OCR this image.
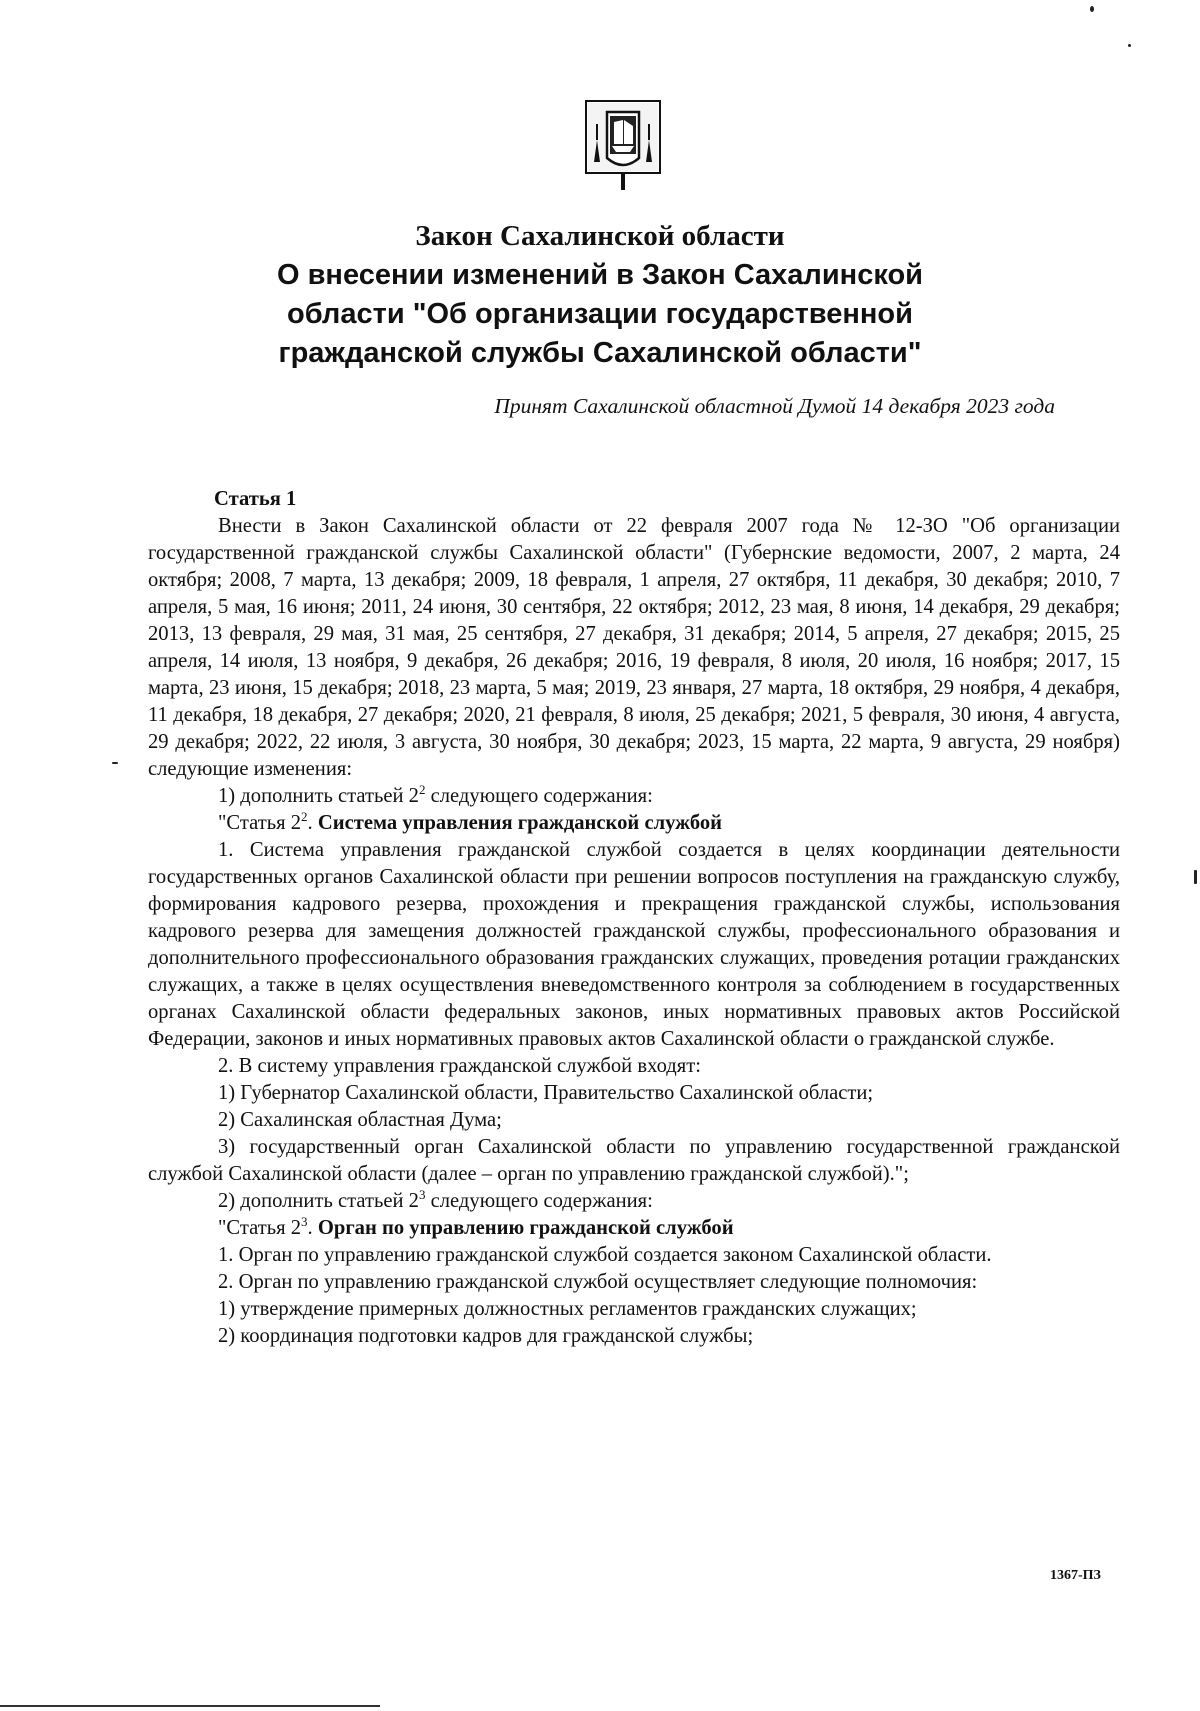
Закон Сахалинской области
О внесении изменений в Закон Сахалинской
области "Об организации государственной
гражданской службы Сахалинской области"
Принят Сахалинской областной Думой 14 декабря 2023 года
Статья 1

Внести в Закон Сахалинской области от 22 февраля 2007 года № 12-ЗО "Об организации государственной гражданской службы Сахалинской области" (Губернские ведомости, 2007, 2 марта, 24 октября; 2008, 7 марта, 13 декабря; 2009, 18 февраля, 1 апреля, 27 октября, 11 декабря, 30 декабря; 2010, 7 апреля, 5 мая, 16 июня; 2011, 24 июня, 30 сентября, 22 октября; 2012, 23 мая, 8 июня, 14 декабря, 29 декабря; 2013, 13 февраля, 29 мая, 31 мая, 25 сентября, 27 декабря, 31 декабря; 2014, 5 апреля, 27 декабря; 2015, 25 апреля, 14 июля, 13 ноября, 9 декабря, 26 декабря; 2016, 19 февраля, 8 июля, 20 июля, 16 ноября; 2017, 15 марта, 23 июня, 15 декабря; 2018, 23 марта, 5 мая; 2019, 23 января, 27 марта, 18 октября, 29 ноября, 4 декабря, 11 декабря, 18 декабря, 27 декабря; 2020, 21 февраля, 8 июля, 25 декабря; 2021, 5 февраля, 30 июня, 4 августа, 29 декабря; 2022, 22 июля, 3 августа, 30 ноября, 30 декабря; 2023, 15 марта, 22 марта, 9 августа, 29 ноября) следующие изменения:

1) дополнить статьей $2^2$ следующего содержания:

"Статья $2^2$. Система управления гражданской службой

1. Система управления гражданской службой создается в целях координации деятельности государственных органов Сахалинской области при решении вопросов поступления на гражданскую службу, формирования кадрового резерва, прохождения и прекращения гражданской службы, использования кадрового резерва для замещения должностей гражданской службы, профессионального образования и дополнительного профессионального образования гражданских служащих, проведения ротации гражданских служащих, а также в целях осуществления вневедомственного контроля за соблюдением в государственных органах Сахалинской области федеральных законов, иных нормативных правовых актов Российской Федерации, законов и иных нормативных правовых актов Сахалинской области о гражданской службе.

2. В систему управления гражданской службой входят:

1) Губернатор Сахалинской области, Правительство Сахалинской области;

2) Сахалинская областная Дума;

3) государственный орган Сахалинской области по управлению государственной гражданской службой Сахалинской области (далее – орган по управлению гражданской службой).";

2) дополнить статьей $2^3$ следующего содержания:

"Статья $2^3$. Орган по управлению гражданской службой

1. Орган по управлению гражданской службой создается законом Сахалинской области.

2. Орган по управлению гражданской службой осуществляет следующие полномочия:

1) утверждение примерных должностных регламентов гражданских служащих;

2) координация подготовки кадров для гражданской службы;

1367-ПЗ
